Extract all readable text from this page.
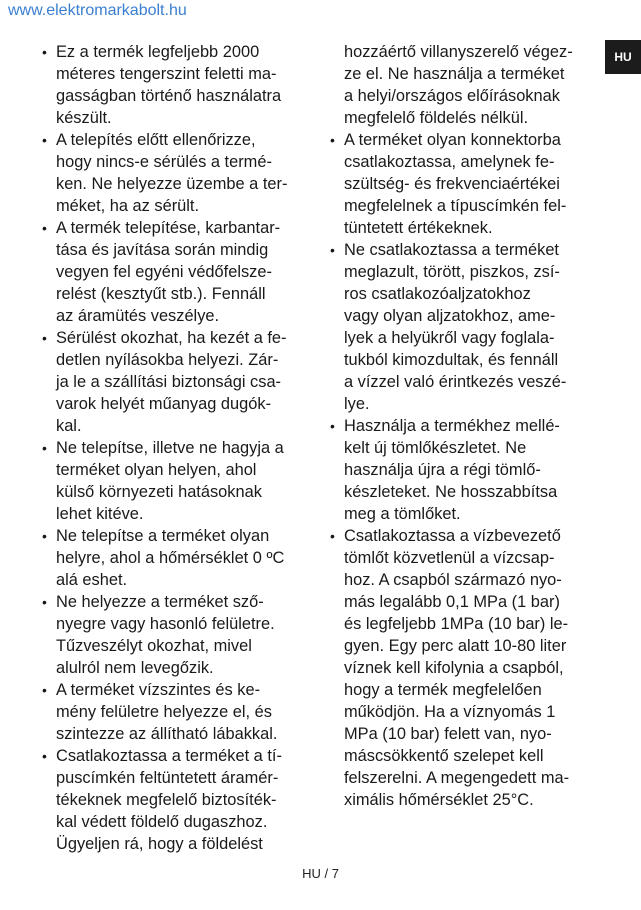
www.elektromarkabolt.hu
HU
• Ez a termék legfeljebb 2000
méteres tengerszint feletti ma-
gasságban történő használatra
készült.
• A telepítés előtt ellenőrizze,
hogy nincs-e sérülés a termé-
ken. Ne helyezze üzembe a ter-
méket, ha az sérült.
• A termék telepítése, karbantar-
tása és javítása során mindig
vegyen fel egyéni védőfelsze-
relést (kesztyűt stb.). Fennáll
az áramütés veszélye.
• Sérülést okozhat, ha kezét a fe-
detlen nyílásokba helyezi. Zár-
ja le a szállítási biztonsági csa-
varok helyét műanyag dugók-
kal.
• Ne telepítse, illetve ne hagyja a
terméket olyan helyen, ahol
külső környezeti hatásoknak
lehet kitéve.
• Ne telepítse a terméket olyan
helyre, ahol a hőmérséklet 0 ºC
alá eshet.
• Ne helyezze a terméket sző-
nyegre vagy hasonló felületre.
Tűzveszélyt okozhat, mivel
alulról nem levegőzik.
• A terméket vízszintes és ke-
mény felületre helyezze el, és
szintezze az állítható lábakkal.
• Csatlakoztassa a terméket a tí-
puscímkén feltüntetett áramér-
tékeknek megfelelő biztosíték-
kal védett földelő dugaszhoz.
Ügyeljen rá, hogy a földelést
hozzáértő villanyszerelő végez-
ze el. Ne használja a terméket
a helyi/országos előírásoknak
megfelelő földelés nélkül.
• A terméket olyan konnektorba
csatlakoztassa, amelynek fe-
szültség- és frekvenciaértékei
megfelelnek a típuscímkén fel-
tüntetett értékeknek.
• Ne csatlakoztassa a terméket
meglazult, törött, piszkos, zsí-
ros csatlakozóaljzatokhoz
vagy olyan aljzatokhoz, ame-
lyek a helyükről vagy foglala-
tukból kimozdultak, és fennáll
a vízzel való érintkezés veszé-
lye.
• Használja a termékhez mellé-
kelt új tömlőkészletet. Ne
használja újra a régi tömlő-
készleteket. Ne hosszabbítsa
meg a tömlőket.
• Csatlakoztassa a vízbevezető
tömlőt közvetlenül a vízcsap-
hoz. A csapból származó nyo-
más legalább 0,1 MPa (1 bar)
és legfeljebb 1MPa (10 bar) le-
gyen. Egy perc alatt 10-80 liter
víznek kell kifolynia a csapból,
hogy a termék megfelelően
működjön. Ha a víznyomás 1
MPa (10 bar) felett van, nyo-
máscsökkentő szelepet kell
felszerelni. A megengedett ma-
ximális hőmérséklet 25°C.
HU / 7
